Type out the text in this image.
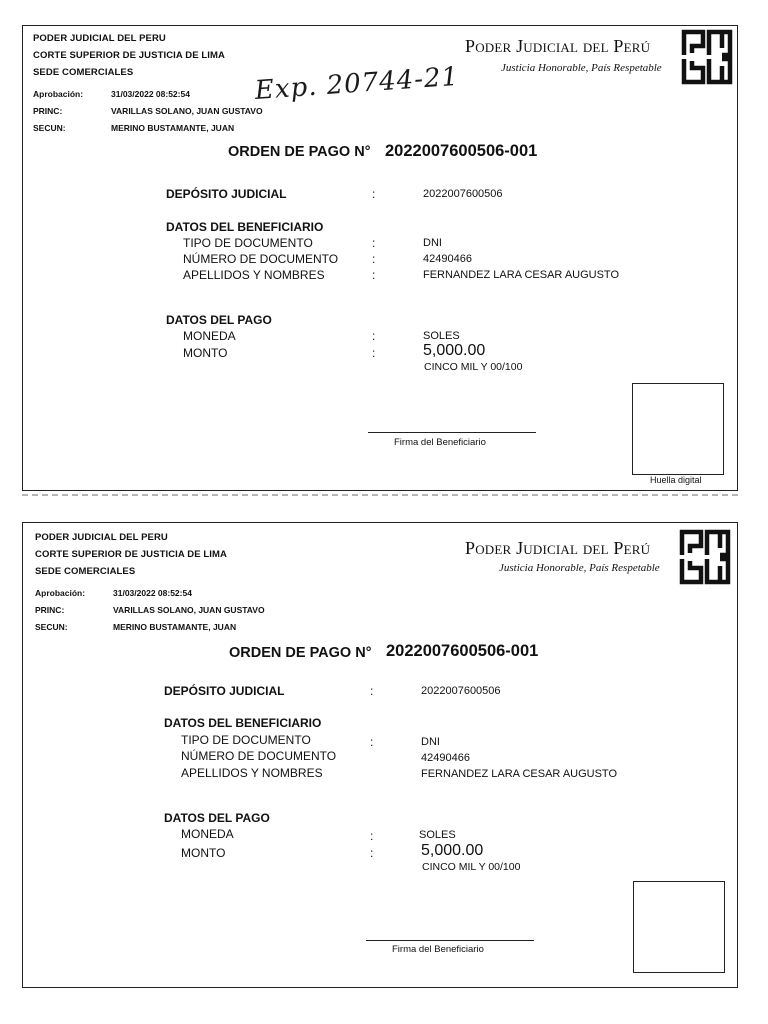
PODER JUDICIAL DEL PERU
CORTE SUPERIOR DE JUSTICIA DE LIMA
SEDE COMERCIALES
Aprobación:	31/03/2022 08:52:54
PRINC:	VARILLAS SOLANO, JUAN GUSTAVO
SECUN:	MERINO BUSTAMANTE, JUAN
Exp. 20744-21
Poder Judicial del Perú
Justicia Honorable, País Respetable
ORDEN DE PAGO N° 2022007600506-001
DEPÓSITO JUDICIAL	:	2022007600506
DATOS DEL BENEFICIARIO
TIPO DE DOCUMENTO	:	DNI
NÚMERO DE DOCUMENTO	:	42490466
APELLIDOS Y NOMBRES	:	FERNANDEZ LARA CESAR AUGUSTO
DATOS DEL PAGO
MONEDA	:	SOLES
MONTO	:	5,000.00
CINCO MIL Y 00/100
Firma del Beneficiario
Huella digital
PODER JUDICIAL DEL PERU
CORTE SUPERIOR DE JUSTICIA DE LIMA
SEDE COMERCIALES
Aprobación:	31/03/2022 08:52:54
PRINC:	VARILLAS SOLANO, JUAN GUSTAVO
SECUN:	MERINO BUSTAMANTE, JUAN
Poder Judicial del Perú
Justicia Honorable, País Respetable
ORDEN DE PAGO N° 2022007600506-001
DEPÓSITO JUDICIAL	:	2022007600506
DATOS DEL BENEFICIARIO
TIPO DE DOCUMENTO	:	DNI
NÚMERO DE DOCUMENTO	42490466
APELLIDOS Y NOMBRES	FERNANDEZ LARA CESAR AUGUSTO
DATOS DEL PAGO
MONEDA	:	SOLES
MONTO	:	5,000.00
CINCO MIL Y 00/100
Firma del Beneficiario
